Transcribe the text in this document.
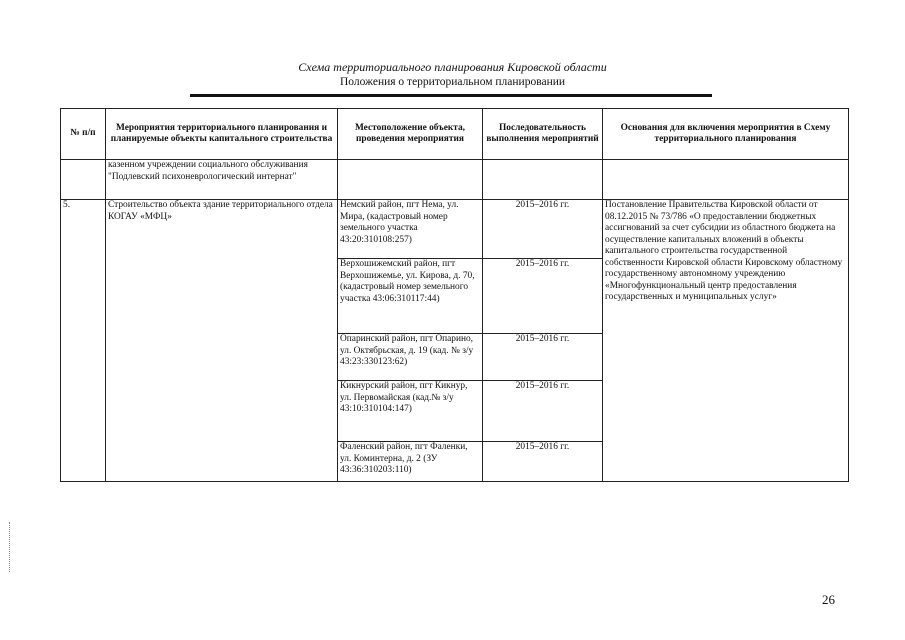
Схема территориального планирования Кировской области
Положения о территориальном планировании
№ п/п	Мероприятия территориального планирования и планируемые объекты капитального строительства	Местоположение объекта, проведения мероприятия	Последовательность выполнения мероприятий	Основания для включения мероприятия в Схему территориального планирования
	казенном учреждении социального обслуживания "Подлевский психоневрологический интернат"			
5.	Строительство объекта здание территориального отдела КОГАУ «МФЦ»	Немский район, пгт Нема, ул. Мира, (кадастровый номер земельного участка 43:20:310108:257)	2015–2016 гг.	Постановление Правительства Кировской области от 08.12.2015 № 73/786 «О предоставлении бюджетных ассигнований за счет субсидии из областного бюджета на осуществление капитальных вложений в объекты капитального строительства государственной собственности Кировской области Кировскому областному государственному автономному учреждению «Многофункциональный центр предоставления государственных и муниципальных услуг»
		Верхошижемский район, пгт Верхошижемье, ул. Кирова, д. 70, (кадастровый номер земельного участка 43:06:310117:44)	2015–2016 гг.	
		Опаринский район, пгт Опарино, ул. Октябрьская, д. 19 (кад. № з/у 43:23:330123:62)	2015–2016 гг.	
		Кикнурский район, пгт Кикнур, ул. Первомайская (кад.№ з/у 43:10:310104:147)	2015–2016 гг.	
		Фаленский район, пгт Фаленки, ул. Коминтерна, д. 2 (ЗУ 43:36:310203:110)	2015–2016 гг.	
26
